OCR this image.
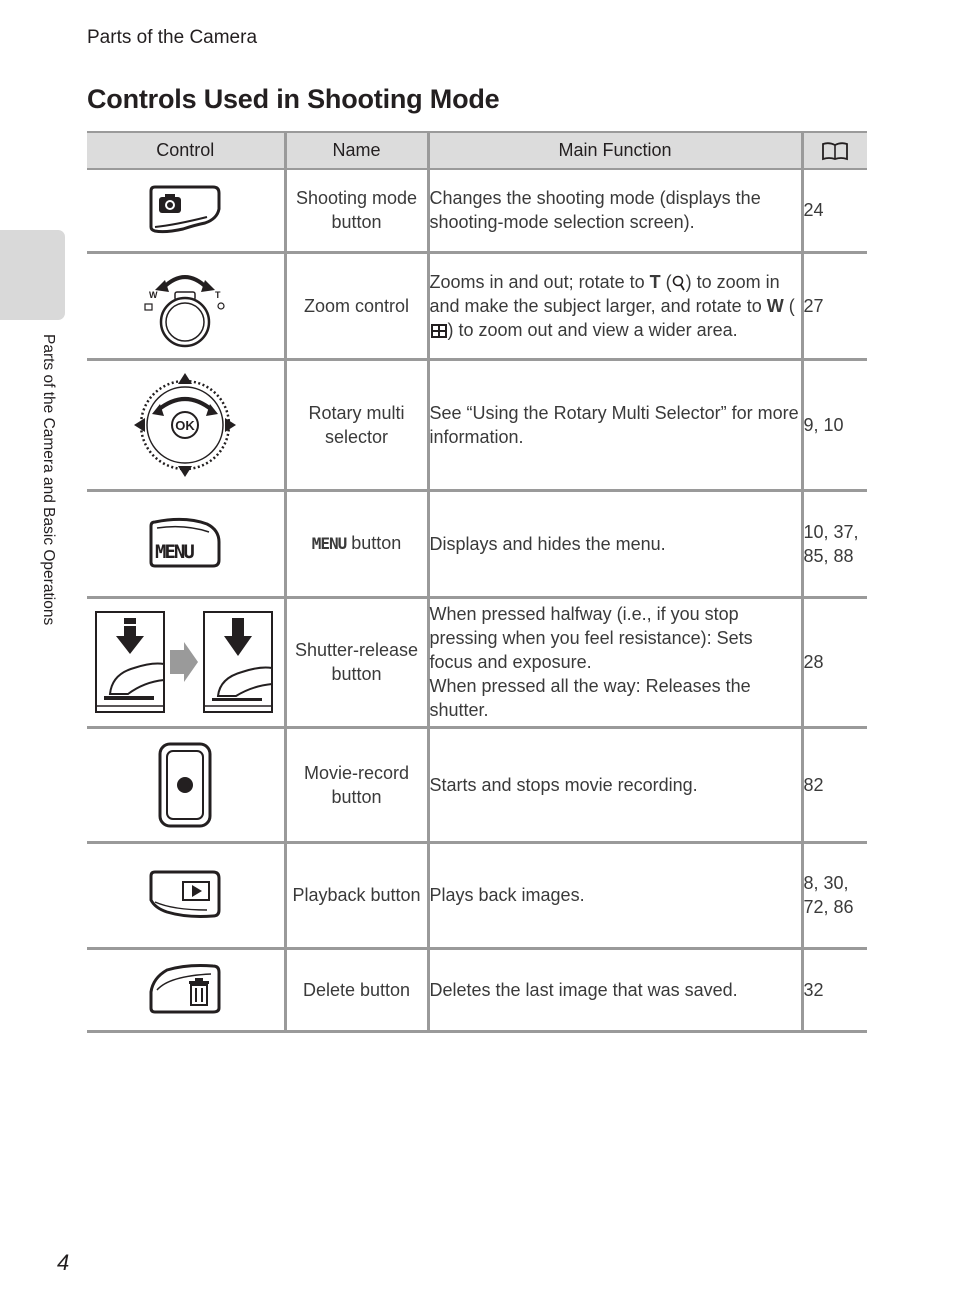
Parts of the Camera
Controls Used in Shooting Mode
Parts of the Camera and Basic Operations
Control	Name	Main Function	
	Shooting mode button	Changes the shooting mode (displays the shooting-mode selection screen).	24

W T	Zoom control	Zooms in and out; rotate to T ( ) to zoom in and make the subject larger, and rotate to W () to zoom out and view a wider area.	27

OK	Rotary multi selector	See “Using the Rotary Multi Selector” for more information.	9, 10

MENU	MENU button	Displays and hides the menu.	10, 37, 85, 88
	Shutter-release button	When pressed halfway (i.e., if you stop pressing when you feel resistance): Sets focus and exposure.
When pressed all the way: Releases the shutter.	28
	Movie-record button	Starts and stops movie recording.	82
	Playback button	Plays back images.	8, 30, 72, 86
	Delete button	Deletes the last image that was saved.	32
4
